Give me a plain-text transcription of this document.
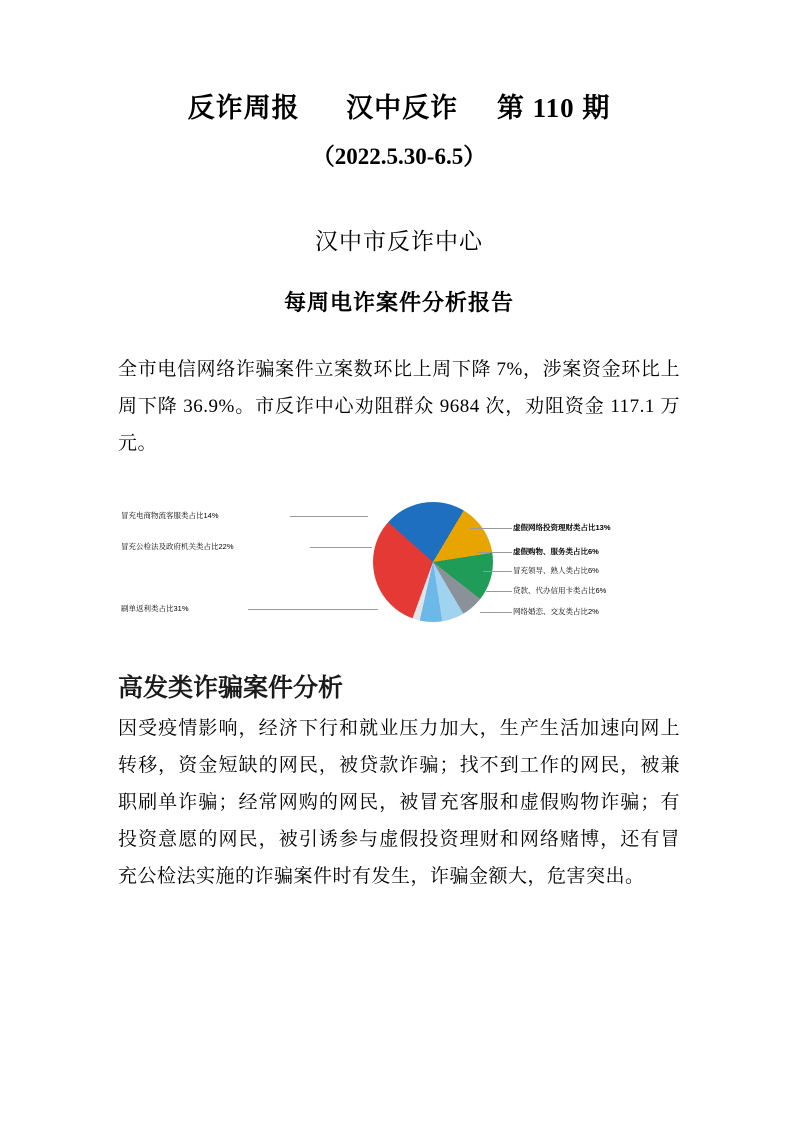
反诈周报      汉中反诈     第 110 期
（2022.5.30-6.5）
汉中市反诈中心
每周电诈案件分析报告
全市电信网络诈骗案件立案数环比上周下降 7%，涉案资金环比上周下降 36.9%。市反诈中心劝阻群众 9684 次，劝阻资金 117.1 万元。
冒充电商物流客服类占比14%
冒充公检法及政府机关类占比22%
刷单返利类占比31%
虚假网络投资理财类占比13%
虚假购物、服务类占比6%
冒充领导、熟人类占比6%
贷款、代办信用卡类占比6%
网络婚恋、交友类占比2%
高发类诈骗案件分析
因受疫情影响，经济下行和就业压力加大，生产生活加速向网上转移，资金短缺的网民，被贷款诈骗；找不到工作的网民，被兼职刷单诈骗；经常网购的网民，被冒充客服和虚假购物诈骗；有投资意愿的网民，被引诱参与虚假投资理财和网络赌博，还有冒充公检法实施的诈骗案件时有发生，诈骗金额大，危害突出。
